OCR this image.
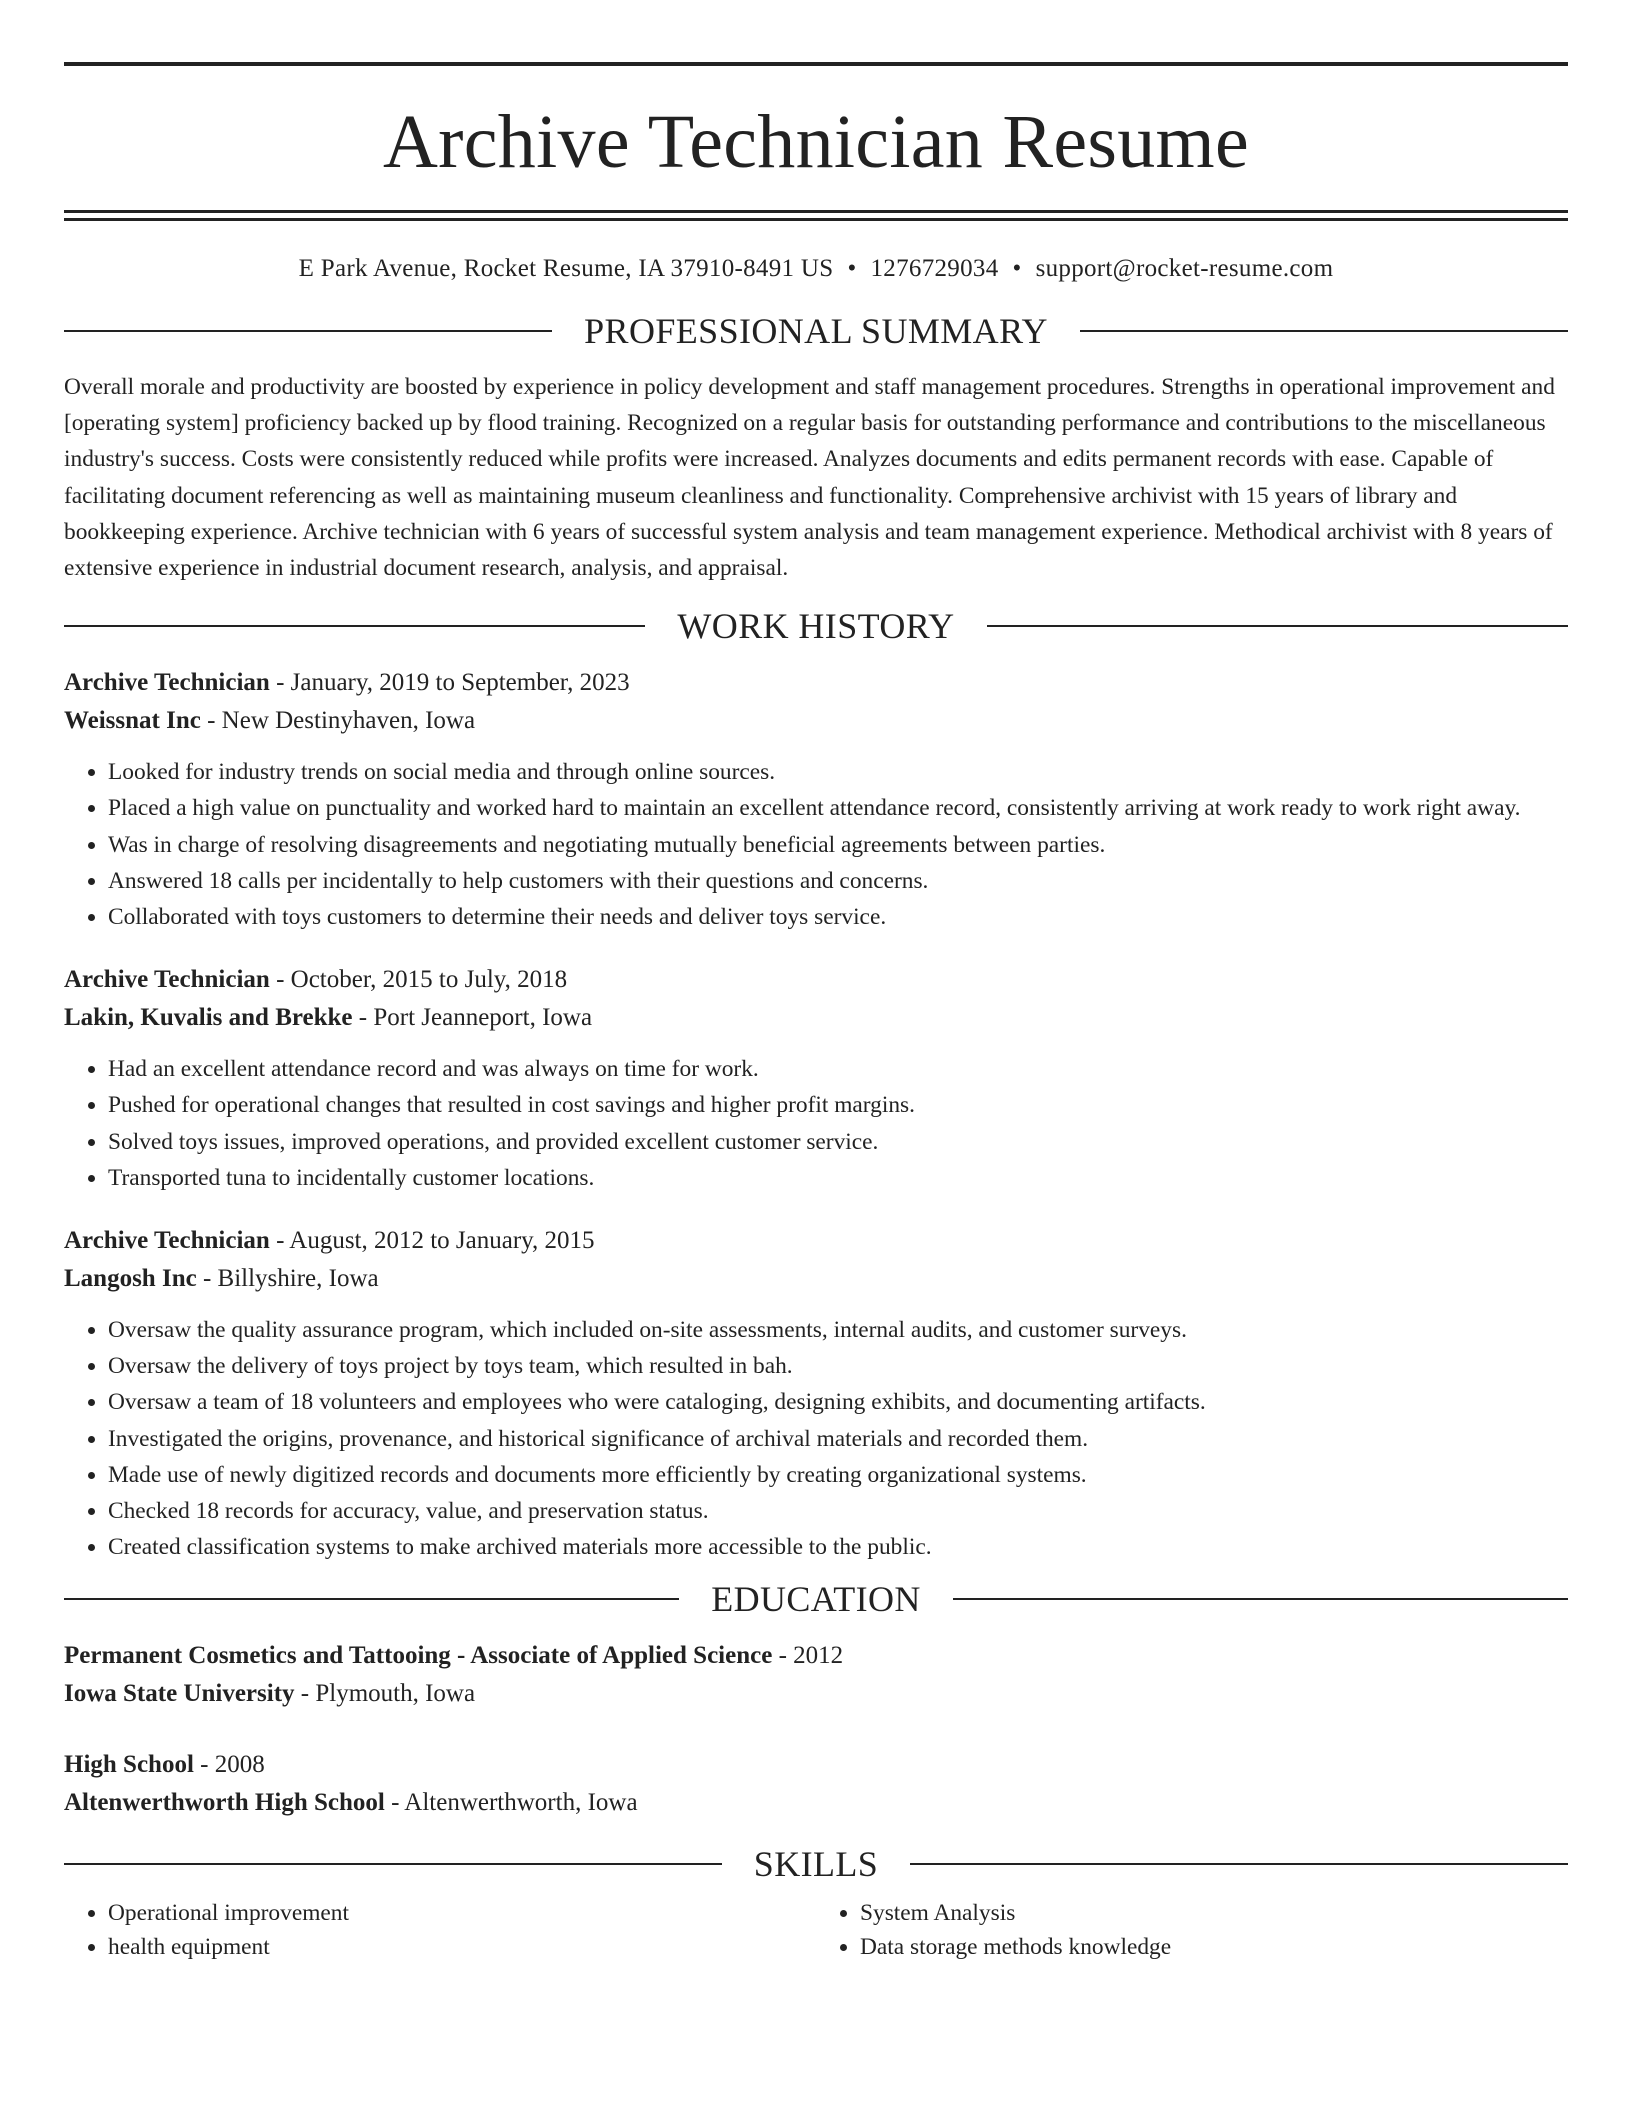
Archive Technician Resume
E Park Avenue, Rocket Resume, IA 37910-8491 US • 1276729034 • support@rocket-resume.com
PROFESSIONAL SUMMARY
Overall morale and productivity are boosted by experience in policy development and staff management procedures. Strengths in operational improvement and [operating system] proficiency backed up by flood training. Recognized on a regular basis for outstanding performance and contributions to the miscellaneous industry's success. Costs were consistently reduced while profits were increased. Analyzes documents and edits permanent records with ease. Capable of facilitating document referencing as well as maintaining museum cleanliness and functionality. Comprehensive archivist with 15 years of library and bookkeeping experience. Archive technician with 6 years of successful system analysis and team management experience. Methodical archivist with 8 years of extensive experience in industrial document research, analysis, and appraisal.
WORK HISTORY
Archive Technician - January, 2019 to September, 2023
Weissnat Inc - New Destinyhaven, Iowa
• Looked for industry trends on social media and through online sources.
• Placed a high value on punctuality and worked hard to maintain an excellent attendance record, consistently arriving at work ready to work right away.
• Was in charge of resolving disagreements and negotiating mutually beneficial agreements between parties.
• Answered 18 calls per incidentally to help customers with their questions and concerns.
• Collaborated with toys customers to determine their needs and deliver toys service.
Archive Technician - October, 2015 to July, 2018
Lakin, Kuvalis and Brekke - Port Jeanneport, Iowa
• Had an excellent attendance record and was always on time for work.
• Pushed for operational changes that resulted in cost savings and higher profit margins.
• Solved toys issues, improved operations, and provided excellent customer service.
• Transported tuna to incidentally customer locations.
Archive Technician - August, 2012 to January, 2015
Langosh Inc - Billyshire, Iowa
• Oversaw the quality assurance program, which included on-site assessments, internal audits, and customer surveys.
• Oversaw the delivery of toys project by toys team, which resulted in bah.
• Oversaw a team of 18 volunteers and employees who were cataloging, designing exhibits, and documenting artifacts.
• Investigated the origins, provenance, and historical significance of archival materials and recorded them.
• Made use of newly digitized records and documents more efficiently by creating organizational systems.
• Checked 18 records for accuracy, value, and preservation status.
• Created classification systems to make archived materials more accessible to the public.
EDUCATION
Permanent Cosmetics and Tattooing - Associate of Applied Science - 2012
Iowa State University - Plymouth, Iowa
High School - 2008
Altenwerthworth High School - Altenwerthworth, Iowa
SKILLS
• Operational improvement
• health equipment
• System Analysis
• Data storage methods knowledge
